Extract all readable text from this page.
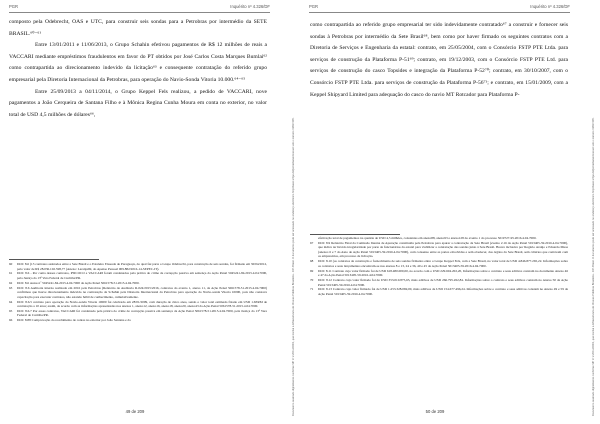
PGR	Inquérito nº 4.326/DF

composto pela Odebrecht, OAS e UTC, para construir seis sondas para a Petrobras por intermédio da SETE BRASIL.⁶⁰⁻⁶¹

Entre 13/01/2011 e 11/06/2013, o Grupo Schahin efetivou pagamentos de R$ 12 milhões de reais a VACCARI mediante empréstimos fraudulentos em favor do PT obtidos por José Carlos Costa Marques Bumlai⁶² como contrapartida ao direcionamento indevido da licitação⁶³ e consequente contratação do referido grupo empresarial pela Diretoria Internacional da Petrobras, para operação do Navio-Sonda Vitoria 10.000.⁶⁴⁻⁶⁵

Entre 25/09/2013 a 04/11/2014, o Grupo Keppel Fels realizou, a pedido de VACCARI, nove pagamentos a João Cerqueira de Santana Filho e à Mônica Regina Cunha Moura em conta no exterior, no valor total de USD 4,5 milhões de dólares⁶⁶,

60	DOC 8.6 (13 contratos assinados entre a Sete Brasil e o Estaleiro Enseada do Paraguaçu, do qual faz parte o Grupo Odebrecht, para construção de seis sondas, foi firmado em 30/04/2012, pelo valor de R$ 28.036.102.598,77 (Anexo: Laranja69, do Apenso Pessoal 009.882/2016-14-SEPEC-IT).
61	DOC 8.6 - Por conta desses contratos, PSICOCO e VACCARI foram condenados pela prática do crime de corrupção passiva em sentença da Ação Penal 5045241-84.2015.4.04.7000, pela Justiça da 13ª Vara Federal de Curitiba/PR.
62	DOC 8.6 Autos nº 5045241-84.2015.4.04.7000 da Ação Penal 5061578-51.2015.4.04.7000.
63	DOC 8.6 Auditoria interna realizada em 2016 pela Petrobras (Relatório de Auditoria R-024/2015/2016, contratos do evento 1, anexo 11, da Ação Penal 5061578-51.2015.4.04.7000) confirmou que houve direcionamento indevido na contratação da Schahin pela Diretoria Internacional da Petrobras para operação do Navio-sonda Vitoria 10000, pois não constava capacitação para executar contratos, não estando hábil de conhecimento, cumulativamente.
64	DOC 8.6.5 contrato para operação do Navio-sonda Vitoria 10000 foi celebrado em 28/01/2009, com duração de cinco anos, sendo o valor total estimado fixado em USD 1.6ERM de contratação a 10 anos; assim, de acordo com as informações apresentadas nos anexos 1, anexo12, anexo16, anexo18, anexo20, anexo43 da Ação Penal 5061578-51.2015.4.04.7000.
65	DOC 8.6.7 Por esses contratos, VACCARI foi condenado pela prática do crime de corrupção passiva em sentença da Ação Penal 5061578-51.2015.4.04.7000, pela Justiça da 13ª Vara Federal de Curitiba/PR.
66	DOC 8.88 Comprovação do recebimento de contas no exterior por João Santana e da
49 de 209	Documento assinado digitalmente conforme MP nº 2.200-2/2001, que institui a Infraestrutura de Chaves Públicas Brasileira - ICP-Brasil. O documento pode ser acessado no endereço eletrônico http://www.stf.jus.br/portal/autenticacao/ sob o número 13637405.
PGR	Inquérito nº 4.326/DF

como contrapartida ao referido grupo empresarial ter sido indevidamente contratado⁶⁷ a construir e fornecer seis sondas à Petrobras por intermédio da Sete Brasil⁶⁸, bem como por haver firmado os seguintes contratos com a Diretoria de Serviços e Engenharia da estatal: contrato, em 25/05/2004, com o Consórcio FSTP PTE Ltda. para serviços de construção da Plataforma P-51⁶⁹; contrato, em 19/12/2003, com o Consórcio FSTP PTE Ltd. para serviços de construção do casco Topsides e integração da Plataforma P-52⁷⁰; contrato, em 30/10/2007, com o Consórcio FSTP PTE Ltda. para serviços de construção da Plataforma P-56⁷¹; e contrato, em 15/01/2009, com a Keppel Shipyard Limited para adequação do casco do navio MT Rotcador para Plataforma P-

efetivação total de pagamentos na quantia de USD 4,5 milhões, constantes em anexo88, anexo93 e anexo128 do evento 1 do processo 5019727-95.2016.4.04.7000.
67	DOC 8.9 Relatório Final da Comissão Interna de Apuração constituída pela Petrobras para apurar a contratação da Sete Brasil (evento 2.16 da Ação Penal 5013405-59.2016.4.04.7000), que indica ter havido irregularidade por parte de funcionários da estatal para viabilizar a contratação das sondas junto à Sete Brasil. Houve inclusive por Rogério Araújo e Eduardo Musa (anexos 6 e 7 do Auto de Ação Penal 5013405-59.2016.4.04.7000), com consenso entre as partes envolvidas e sem obedecer, dos órgãos da Sete Brasil, sem critérios que contavam com os empresários, em processo de licitação.
68	DOC 8.10 (os contratos de construção e fornecimento de seis sondas firmados entre o Grupo Keppel Fels, com a Sete Brasil, no valor total de USD 4.846.877.265,22. Informações sobre os contratos e seus lançamentos encontram-se nos anexos 8 e 13, 24 e 36, 40 e 45 da Ação Penal 5013405-59.2016.4.04.7000.
69	DOC 8.11 Contrato cujo valor firmado foi de USD 618.480.000,00, no acordo com o USD 229.604.202,20, Informações sobre o contrato e seus aditivos constam no documento Anexo 46 e 47 da Ação Penal 5013405-59.2016.4.04.7000.
70	DOC 8.12 Contrato cujo valor firmado foi de USD 353.010.875,63, mais aditivos de USD 266.795.262,84. Informações sobre o contrato e seus aditivos constam no Anexo 50 da Ação Penal 5013405-59.2016.4.04.7000.
71	DOC 8.13 Contrato cujo valor firmado foi de USD 1.253.328.069,00, mais aditivos de USD 154.677.496,24. Informações sobre o contrato e seus aditivos constam no Anexo 49 e 59 da Ação Penal 5013405-59.2016.4.04.7000.
50 de 209	Documento assinado digitalmente conforme MP nº 2.200-2/2001, que institui a Infraestrutura de Chaves Públicas Brasileira - ICP-Brasil. O documento pode ser acessado no endereço eletrônico http://www.stf.jus.br/portal/autenticacao/ sob o número 13637405.
